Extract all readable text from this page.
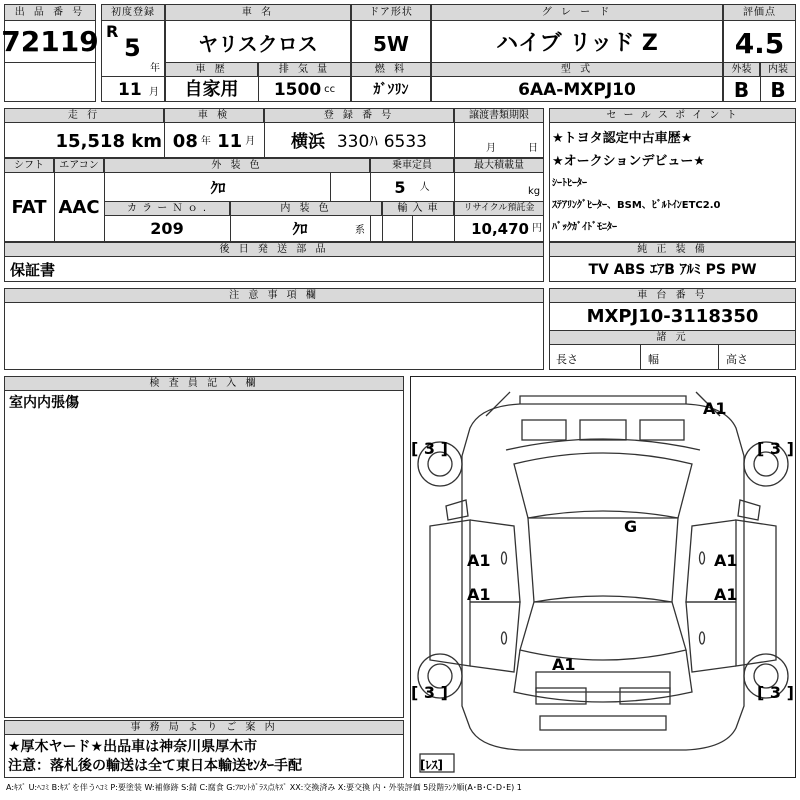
出 品 番 号
72119
初度登録
R
5
年
11 月
車 名
ヤリスクロス
車 歴	排 気 量
自家用	1500 cc
ドア形状
5W
燃 料
ｶﾞｿﾘﾝ
グ レ ー ド
ハイブ リッド Z
型 式
6AA-MXPJ10
評価点
4.5
外装	内装
B	B
走 行
15,518
km
車 検
08 年
11 月
登 録 番 号
横浜
330ﾊ
6533
譲渡書類期限
月	日
シフト	エアコン
FAT AAC
外 装 色
ｸﾛ
乗車定員
5
人
最大積載量
kg
カ ラ ー Ｎ ｏ .
209
内 装 色
ｸﾛ	系
輸 入 車	リサイクル預託金
10,470 円
後 日 発 送 部 品
保証書
セ ー ル ス ポ イ ン ト
★トヨタ認定中古車歴★
★オークションデビュー★
ｼｰﾄﾋｰﾀｰ
ｽﾃｱﾘﾝｸﾞﾋｰﾀｰ、BSM、ﾋﾞﾙﾄｲﾝETC2.0
ﾊﾞｯｸｶﾞｲﾄﾞﾓﾆﾀｰ
純 正 装 備
TV ABS ｴｱB ｱﾙﾐ PS PW
注 意 事 項 欄	車 台 番 号
MXPJ10-3118350
諸 元
長さ	幅	高さ
検 査 員 記 入 欄
室内内張傷
事 務 局 よ り ご 案 内
★厚木ヤード★出品車は神奈川県厚木市
注意：落札後の輸送は全て東日本輸送ｾﾝﾀｰ手配
A1
[ 3 ]	[ 3 ]
G
A1	A1
A1	A1
A1
[ 3 ]	[ 3 ]
[ﾚｽ]
A:ｷｽﾞ U:ﾍｺﾐ B:ｷｽﾞを伴うﾍｺﾐ P:要塗装 W:補修跡 S:錆 C:腐食 G:ﾌﾛﾝﾄｶﾞﾗｽ点ｷｽﾞ XX:交換済み X:要交換 内・外装評価 5段階ﾗﾝｸ順(A･B･C･D･E) 1
